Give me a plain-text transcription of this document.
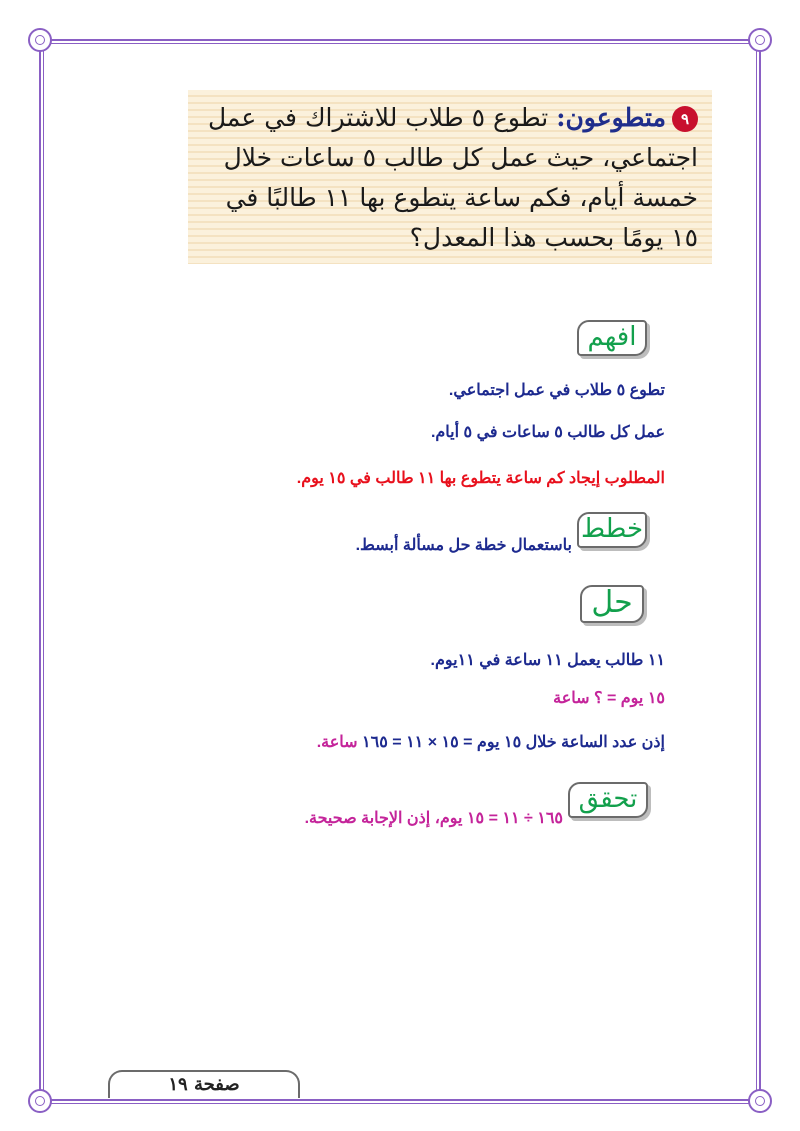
٩متطوعون: تطوع ٥ طلاب للاشتراك في عمل
اجتماعي، حيث عمل كل طالب ٥ ساعات خلال
خمسة أيام، فكم ساعة يتطوع بها ١١ طالبًا في
١٥ يومًا بحسب هذا المعدل؟
افهم
تطوع ٥ طلاب في عمل اجتماعي.
عمل كل طالب ٥ ساعات في ٥ أيام.
المطلوب إيجاد كم ساعة يتطوع بها ١١ طالب في ١٥ يوم.
خطط
باستعمال خطة حل مسألة أبسط.
حل
١١ طالب يعمل ١١ ساعة في ١١يوم.
١٥ يوم = ؟ ساعة
إذن عدد الساعة خلال ١٥ يوم = ١٥ × ١١ = ١٦٥ ساعة.
تحقق
١٦٥ ÷ ١١ = ١٥ يوم، إذن الإجابة صحيحة.
صفحة ١٩
